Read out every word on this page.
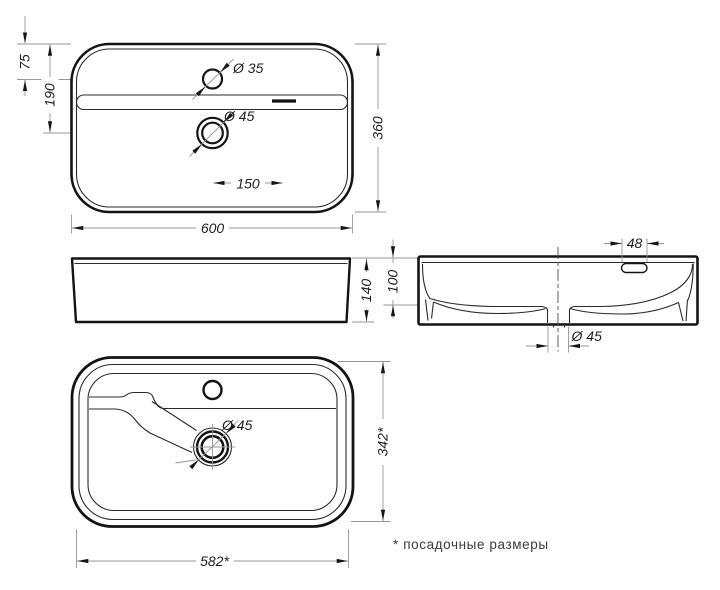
75
190
360
600
150
Ø 35
Ø 45
140
48
100
Ø 45
Ø 45
582*
342*
* посадочные размеры
